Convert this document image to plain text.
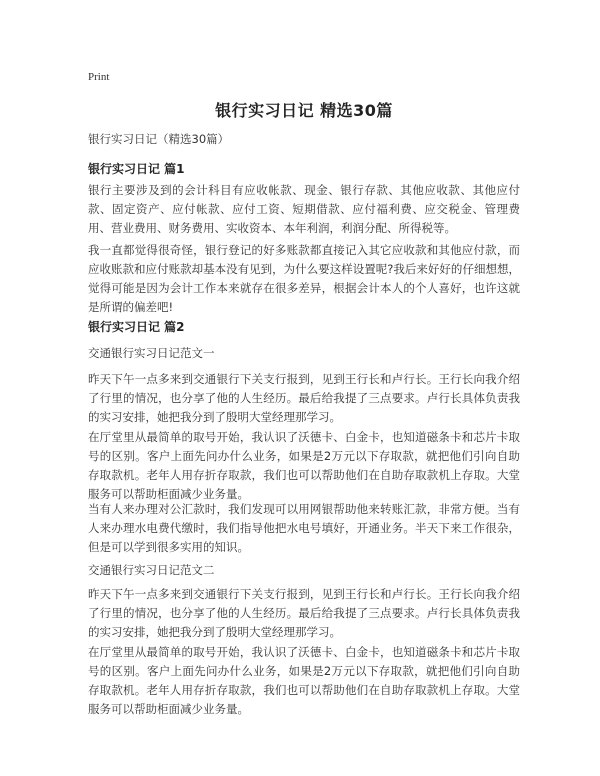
Print
银行实习日记 精选30篇

银行实习日记（精选30篇）

银行实习日记 篇1

银行主要涉及到的会计科目有应收帐款、现金、银行存款、其他应收款、其他应付款、固定资产、应付帐款、应付工资、短期借款、应付福利费、应交税金、管理费用、营业费用、财务费用、实收资本、本年利润，利润分配、所得税等。

我一直都觉得很奇怪，银行登记的好多账款都直接记入其它应收款和其他应付款，而应收账款和应付账款却基本没有见到，为什么要这样设置呢?我后来好好的仔细想想，觉得可能是因为会计工作本来就存在很多差异，根据会计本人的个人喜好，也许这就是所谓的偏差吧!

银行实习日记 篇2

交通银行实习日记范文一

昨天下午一点多来到交通银行下关支行报到，见到王行长和卢行长。王行长向我介绍了行里的情况，也分享了他的人生经历。最后给我提了三点要求。卢行长具体负责我的实习安排，她把我分到了殷明大堂经理那学习。

在厅堂里从最简单的取号开始，我认识了沃德卡、白金卡，也知道磁条卡和芯片卡取号的区别。客户上面先问办什么业务，如果是2万元以下存取款，就把他们引向自助存取款机。老年人用存折存取款，我们也可以帮助他们在自助存取款机上存取。大堂服务可以帮助柜面减少业务量。

当有人来办理对公汇款时，我们发现可以用网银帮助他来转账汇款，非常方便。当有人来办理水电费代缴时，我们指导他把水电号填好，开通业务。半天下来工作很杂，但是可以学到很多实用的知识。

交通银行实习日记范文二

昨天下午一点多来到交通银行下关支行报到，见到王行长和卢行长。王行长向我介绍了行里的情况，也分享了他的人生经历。最后给我提了三点要求。卢行长具体负责我的实习安排，她把我分到了殷明大堂经理那学习。

在厅堂里从最简单的取号开始，我认识了沃德卡、白金卡，也知道磁条卡和芯片卡取号的区别。客户上面先问办什么业务，如果是2万元以下存取款，就把他们引向自助存取款机。老年人用存折存取款，我们也可以帮助他们在自助存取款机上存取。大堂服务可以帮助柜面减少业务量。
